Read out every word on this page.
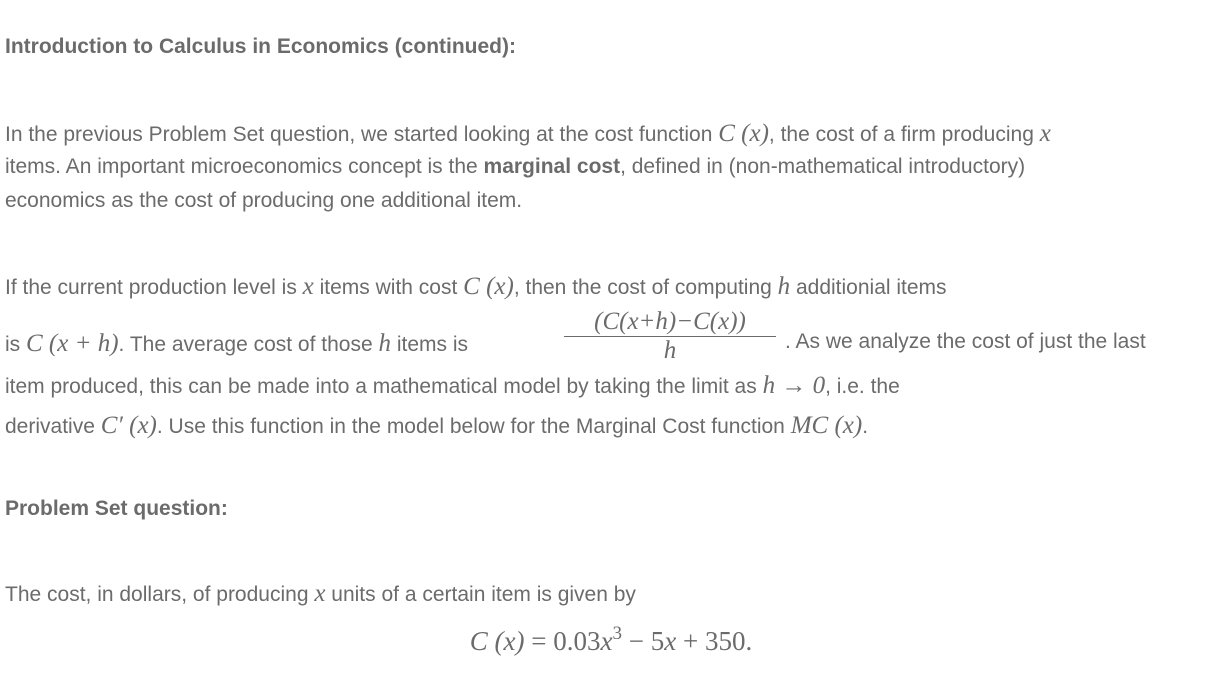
Introduction to Calculus in Economics (continued):
In the previous Problem Set question, we started looking at the cost function C (x), the cost of a firm producing x
items. An important microeconomics concept is the marginal cost, defined in (non-mathematical introductory)
economics as the cost of producing one additional item.
If the current production level is x items with cost C (x), then the cost of computing h additionial items
is C (x + h). The average cost of those h items is
(C(x+h)−C(x))
h	. As we analyze the cost of just the last
item produced, this can be made into a mathematical model by taking the limit as h → 0, i.e. the
derivative C′ (x). Use this function in the model below for the Marginal Cost function MC (x).
Problem Set question:
The cost, in dollars, of producing x units of a certain item is given by
C $(x) = 0.03x^3 - 5x + 350$.
